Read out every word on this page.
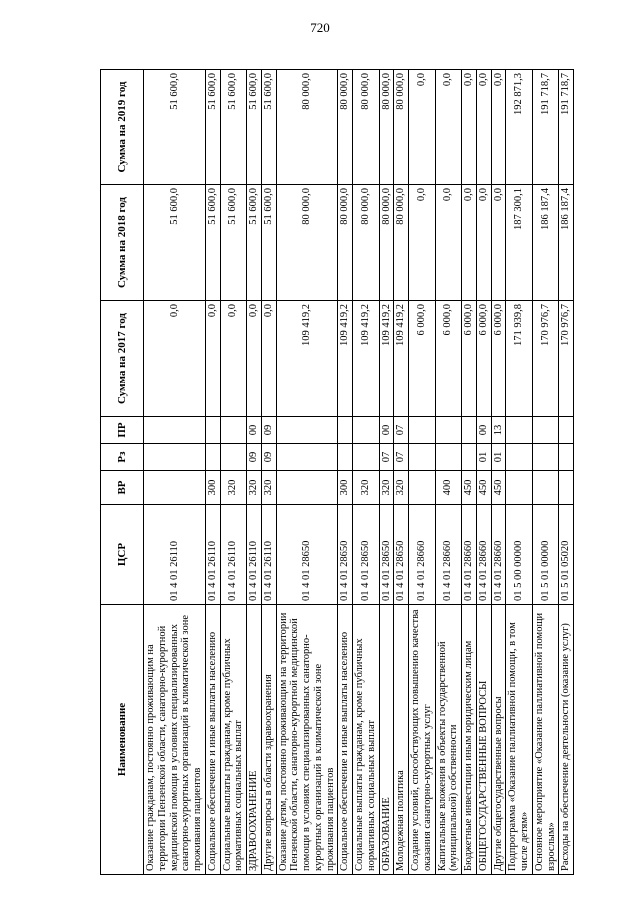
720
Наименование	ЦСР	ВР	Рз	ПР	Сумма на 2017 год	Сумма на 2018 год	Сумма на 2019 год
Оказание гражданам, постоянно проживающим на территории Пензенской области, санаторно-курортной медицинской помощи в условиях специализированных санаторно-курортных организаций в климатической зоне проживания пациентов	01 4 01 26110				0,0	51 600,0	51 600,0
Социальное обеспечение и иные выплаты населению	01 4 01 26110	300			0,0	51 600,0	51 600,0
Социальные выплаты гражданам, кроме публичных нормативных социальных выплат	01 4 01 26110	320			0,0	51 600,0	51 600,0
ЗДРАВООХРАНЕНИЕ	01 4 01 26110	320	09	00	0,0	51 600,0	51 600,0
Другие вопросы в области здравоохранения	01 4 01 26110	320	09	09	0,0	51 600,0	51 600,0
Оказание детям, постоянно проживающим на территории Пензенской области, санаторно-курортной медицинской помощи в условиях специализированных санаторно-курортных организаций в климатической зоне проживания пациентов	01 4 01 28650				109 419,2	80 000,0	80 000,0
Социальное обеспечение и иные выплаты населению	01 4 01 28650	300			109 419,2	80 000,0	80 000,0
Социальные выплаты гражданам, кроме публичных нормативных социальных выплат	01 4 01 28650	320			109 419,2	80 000,0	80 000,0
ОБРАЗОВАНИЕ	01 4 01 28650	320	07	00	109 419,2	80 000,0	80 000,0
Молодежная политика	01 4 01 28650	320	07	07	109 419,2	80 000,0	80 000,0
Создание условий, способствующих повышению качества оказания санаторно-курортных услуг	01 4 01 28660				6 000,0	0,0	0,0
Капитальные вложения в объекты государственной (муниципальной) собственности	01 4 01 28660	400			6 000,0	0,0	0,0
Бюджетные инвестиции иным юридическим лицам	01 4 01 28660	450			6 000,0	0,0	0,0
ОБЩЕГОСУДАРСТВЕННЫЕ ВОПРОСЫ	01 4 01 28660	450	01	00	6 000,0	0,0	0,0
Другие общегосударственные вопросы	01 4 01 28660	450	01	13	6 000,0	0,0	0,0
Подпрограмма «Оказание паллиативной помощи, в том числе детям»	01 5 00 00000				171 939,8	187 300,1	192 871,3
Основное мероприятие «Оказание паллиативной помощи взрослым»	01 5 01 00000				170 976,7	186 187,4	191 718,7
Расходы на обеспечение деятельности (оказание услуг)	01 5 01 05020				170 976,7	186 187,4	191 718,7
